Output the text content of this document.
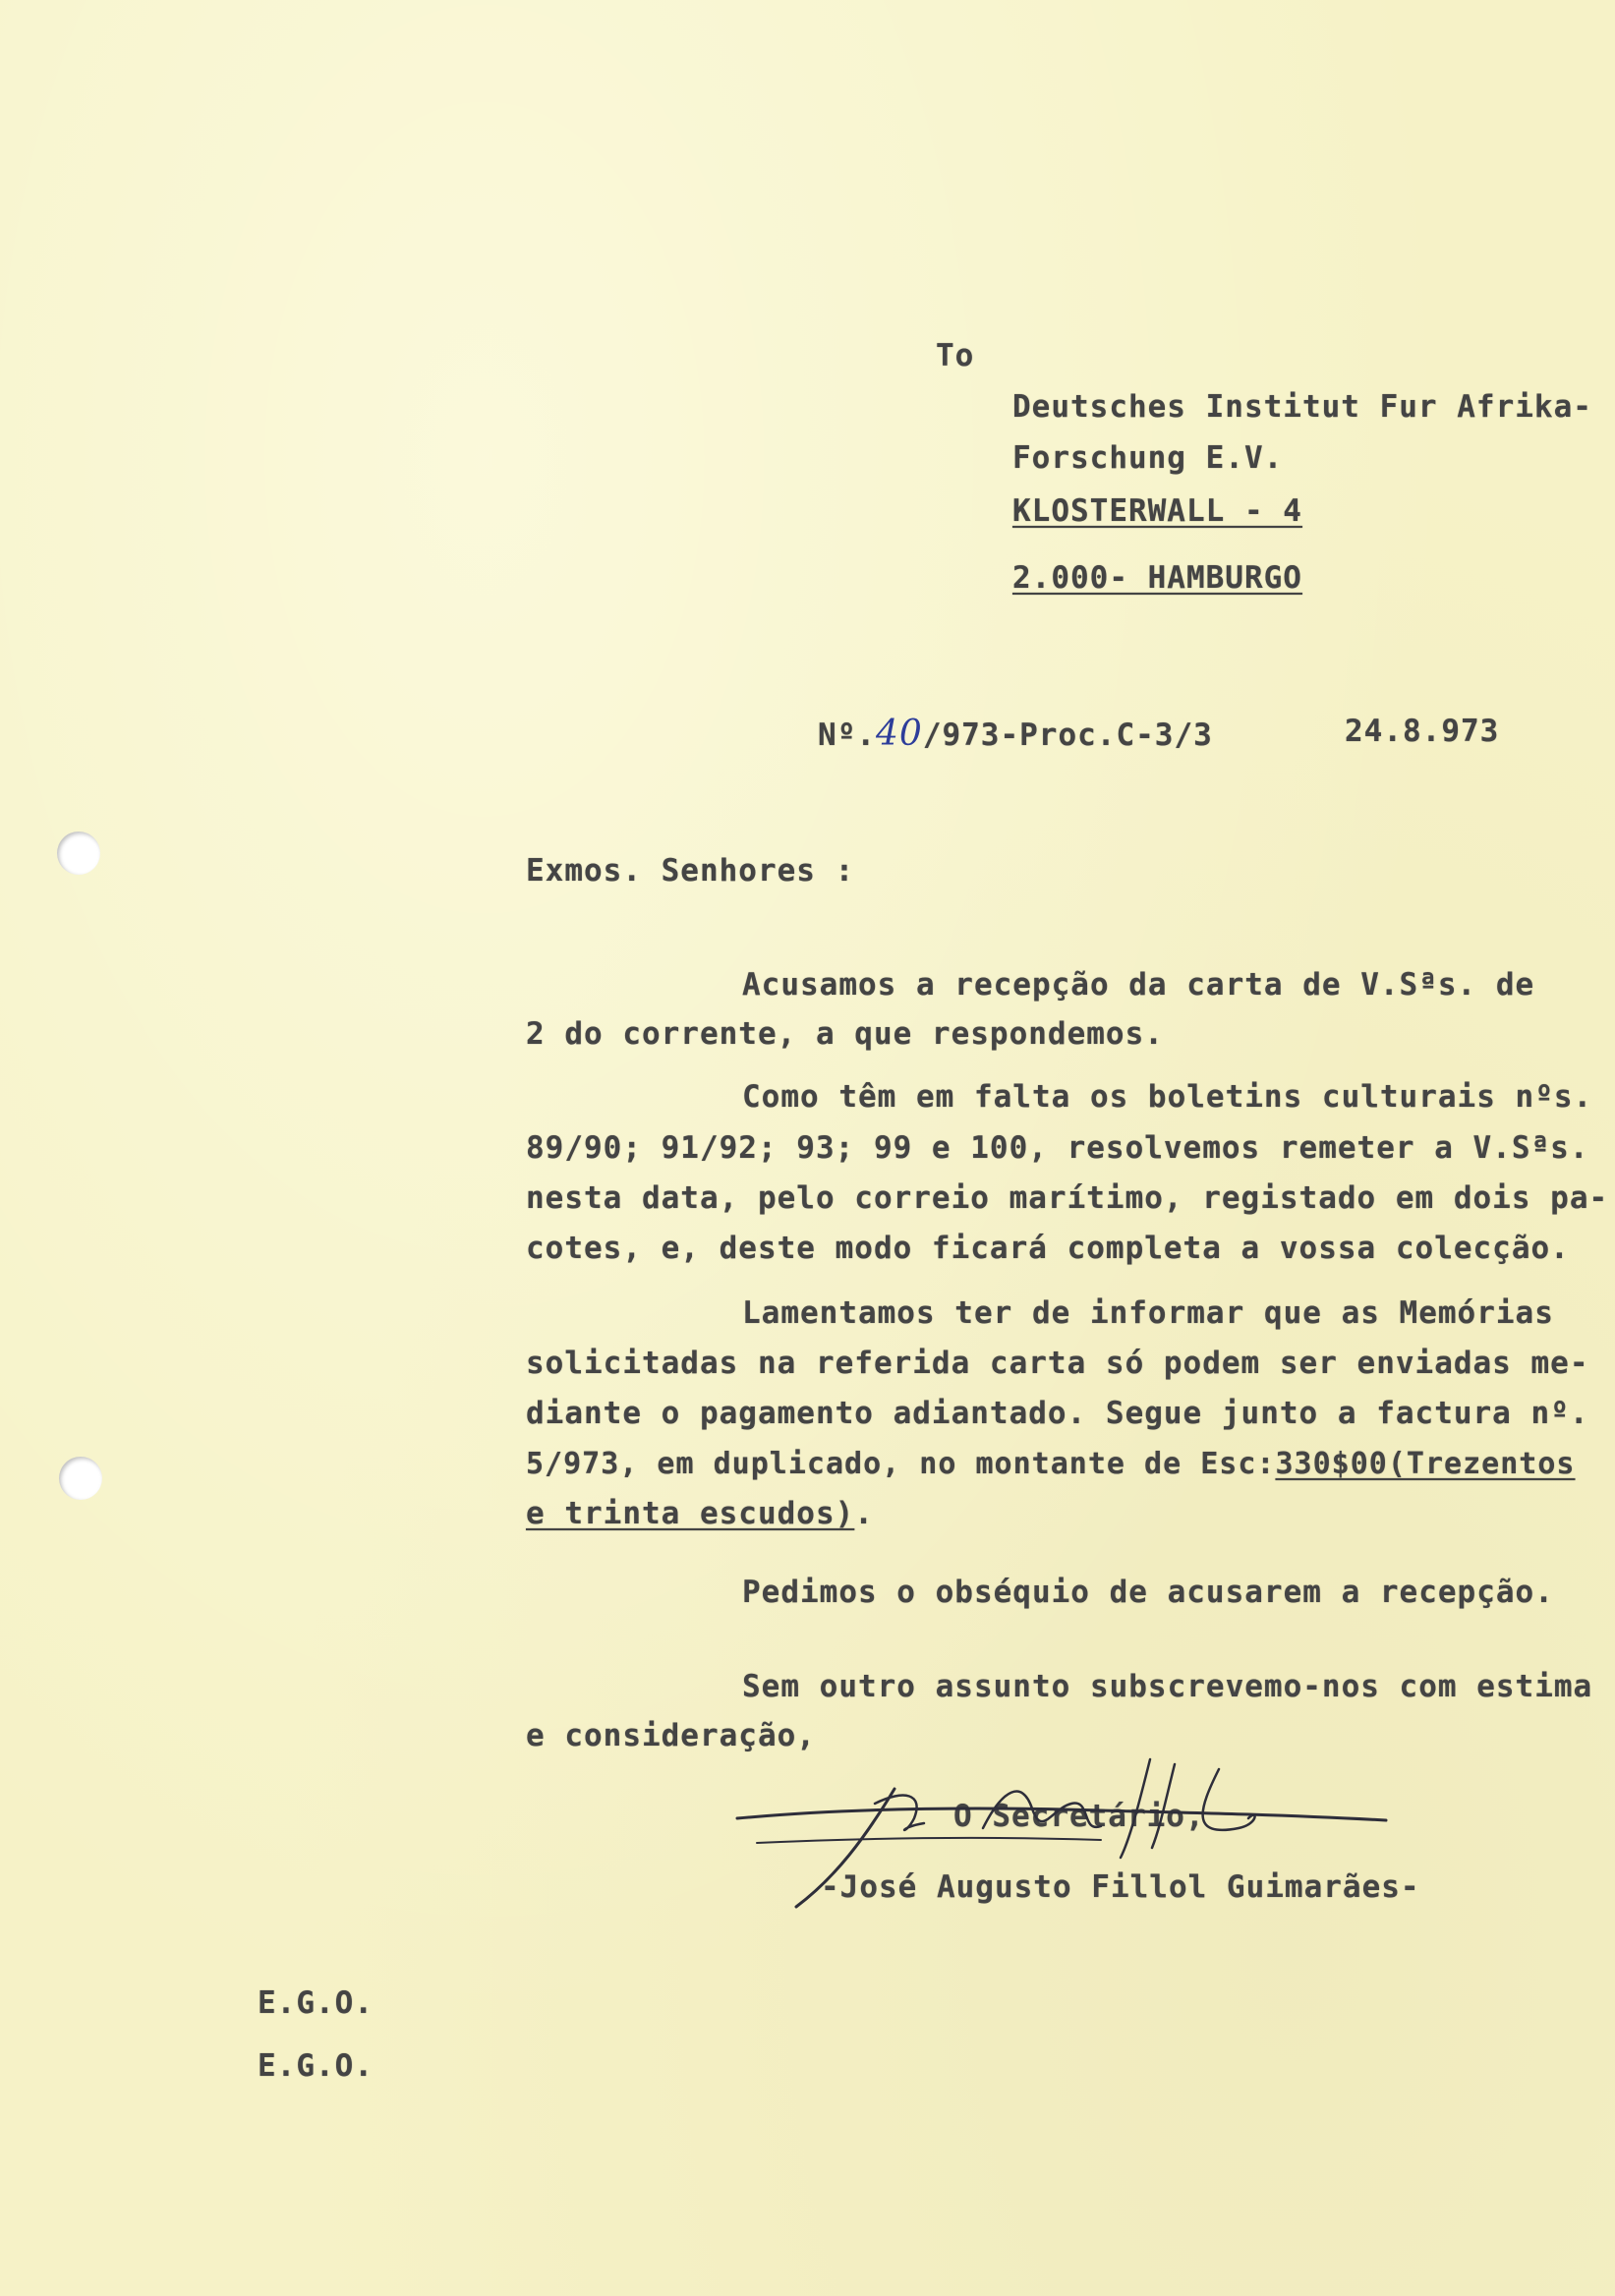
To
Deutsches Institut Fur Afrika-
Forschung E.V.
KLOSTERWALL - 4
2.000- HAMBURGO
Nº.40/973-Proc.C-3/3	24.8.973
Exmos. Senhores :
Acusamos a recepção da carta de V.Sªs. de
2 do corrente, a que respondemos.
Como têm em falta os boletins culturais nºs.
89/90; 91/92; 93; 99 e 100, resolvemos remeter a V.Sªs.
nesta data, pelo correio marítimo, registado em dois pa-
cotes, e, deste modo ficará completa a vossa colecção.
Lamentamos ter de informar que as Memórias
solicitadas na referida carta só podem ser enviadas me-
diante o pagamento adiantado. Segue junto a factura nº.
5/973, em duplicado, no montante de Esc:330$00(Trezentos
e trinta escudos).
Pedimos o obséquio de acusarem a recepção.
Sem outro assunto subscrevemo-nos com estima
e consideração,
O Secretário,
-José Augusto Fillol Guimarães-
E.G.O.
E.G.O.
